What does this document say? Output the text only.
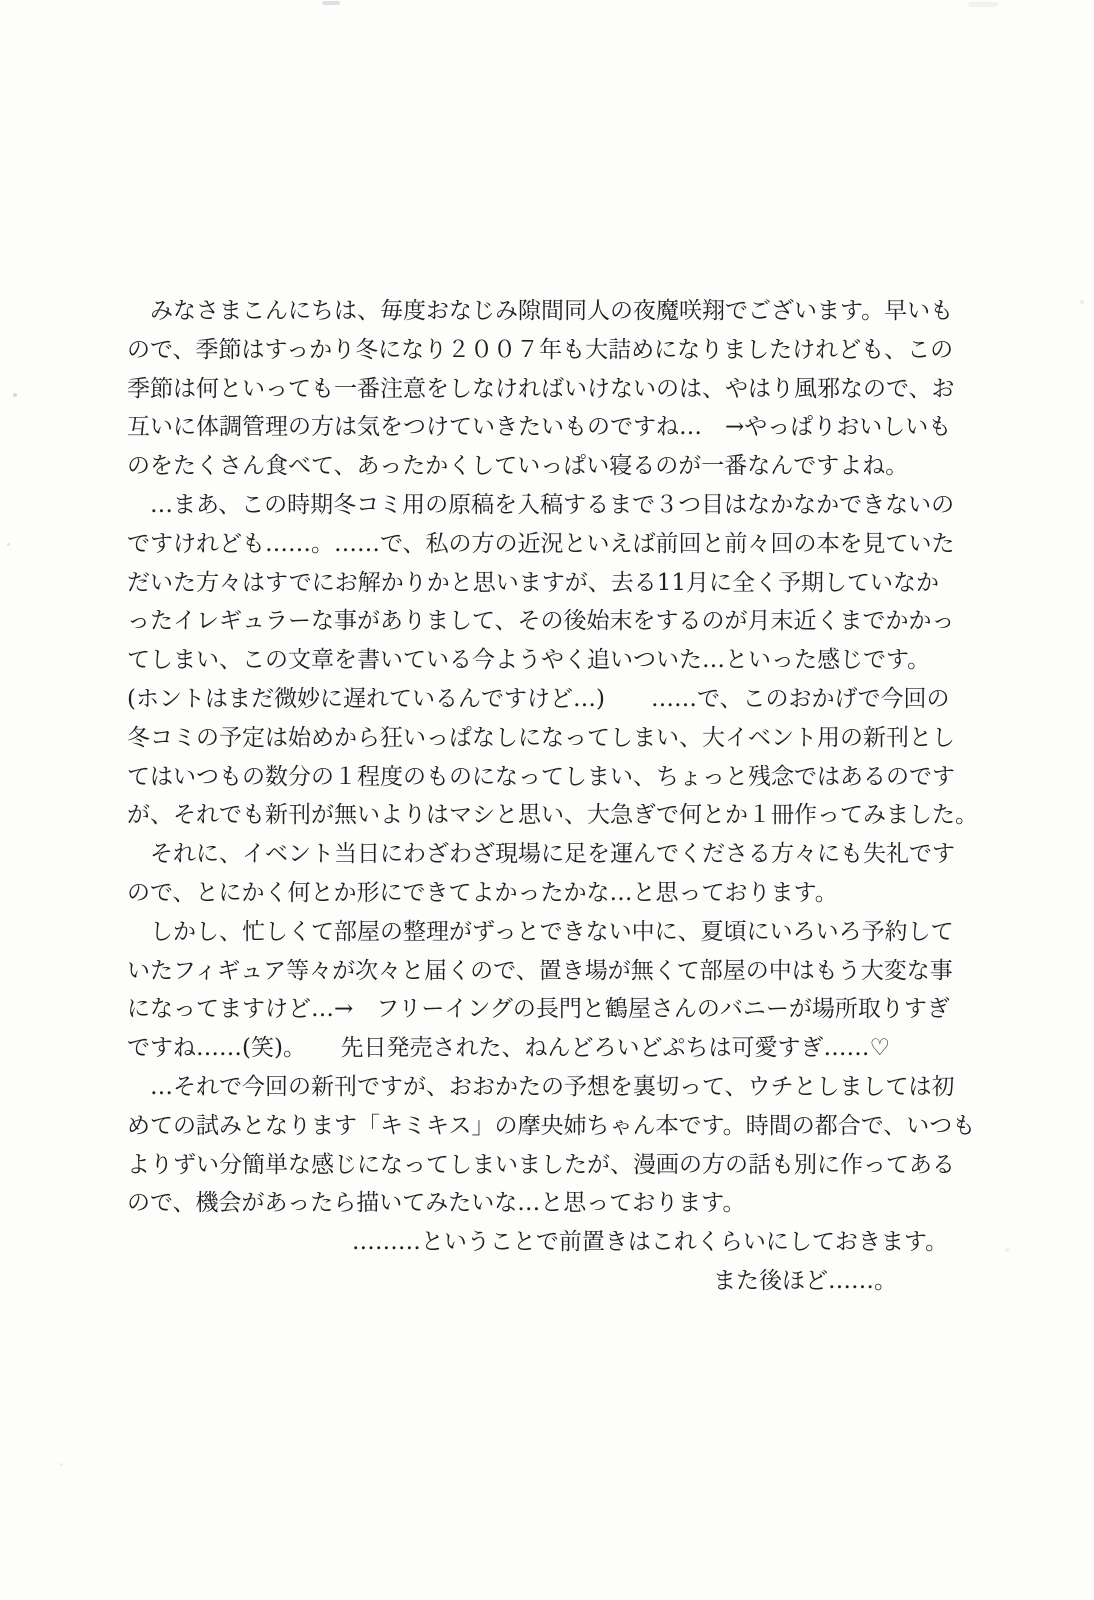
　みなさまこんにちは、毎度おなじみ隙間同人の夜魔咲翔でございます。早いも
ので、季節はすっかり冬になり２００７年も大詰めになりましたけれども、この
季節は何といっても一番注意をしなければいけないのは、やはり風邪なので、お
互いに体調管理の方は気をつけていきたいものですね…　→やっぱりおいしいも
のをたくさん食べて、あったかくしていっぱい寝るのが一番なんですよね。
　…まあ、この時期冬コミ用の原稿を入稿するまで３つ目はなかなかできないの
ですけれども……。……で、私の方の近況といえば前回と前々回の本を見ていた
だいた方々はすでにお解かりかと思いますが、去る11月に全く予期していなか
ったイレギュラーな事がありまして、その後始末をするのが月末近くまでかかっ
てしまい、この文章を書いている今ようやく追いついた…といった感じです。
(ホントはまだ微妙に遅れているんですけど…)　　……で、このおかげで今回の
冬コミの予定は始めから狂いっぱなしになってしまい、大イベント用の新刊とし
てはいつもの数分の１程度のものになってしまい、ちょっと残念ではあるのです
が、それでも新刊が無いよりはマシと思い、大急ぎで何とか１冊作ってみました。
　それに、イベント当日にわざわざ現場に足を運んでくださる方々にも失礼です
ので、とにかく何とか形にできてよかったかな…と思っております。
　しかし、忙しくて部屋の整理がずっとできない中に、夏頃にいろいろ予約して
いたフィギュア等々が次々と届くので、置き場が無くて部屋の中はもう大変な事
になってますけど…→　フリーイングの長門と鶴屋さんのバニーが場所取りすぎ
ですね……(笑)。　　先日発売された、ねんどろいどぷちは可愛すぎ……♡
　…それで今回の新刊ですが、おおかたの予想を裏切って、ウチとしましては初
めての試みとなります「キミキス」の摩央姉ちゃん本です。時間の都合で、いつも
よりずい分簡単な感じになってしまいましたが、漫画の方の話も別に作ってある
ので、機会があったら描いてみたいな…と思っております。
………ということで前置きはこれくらいにしておきます。
また後ほど……。
